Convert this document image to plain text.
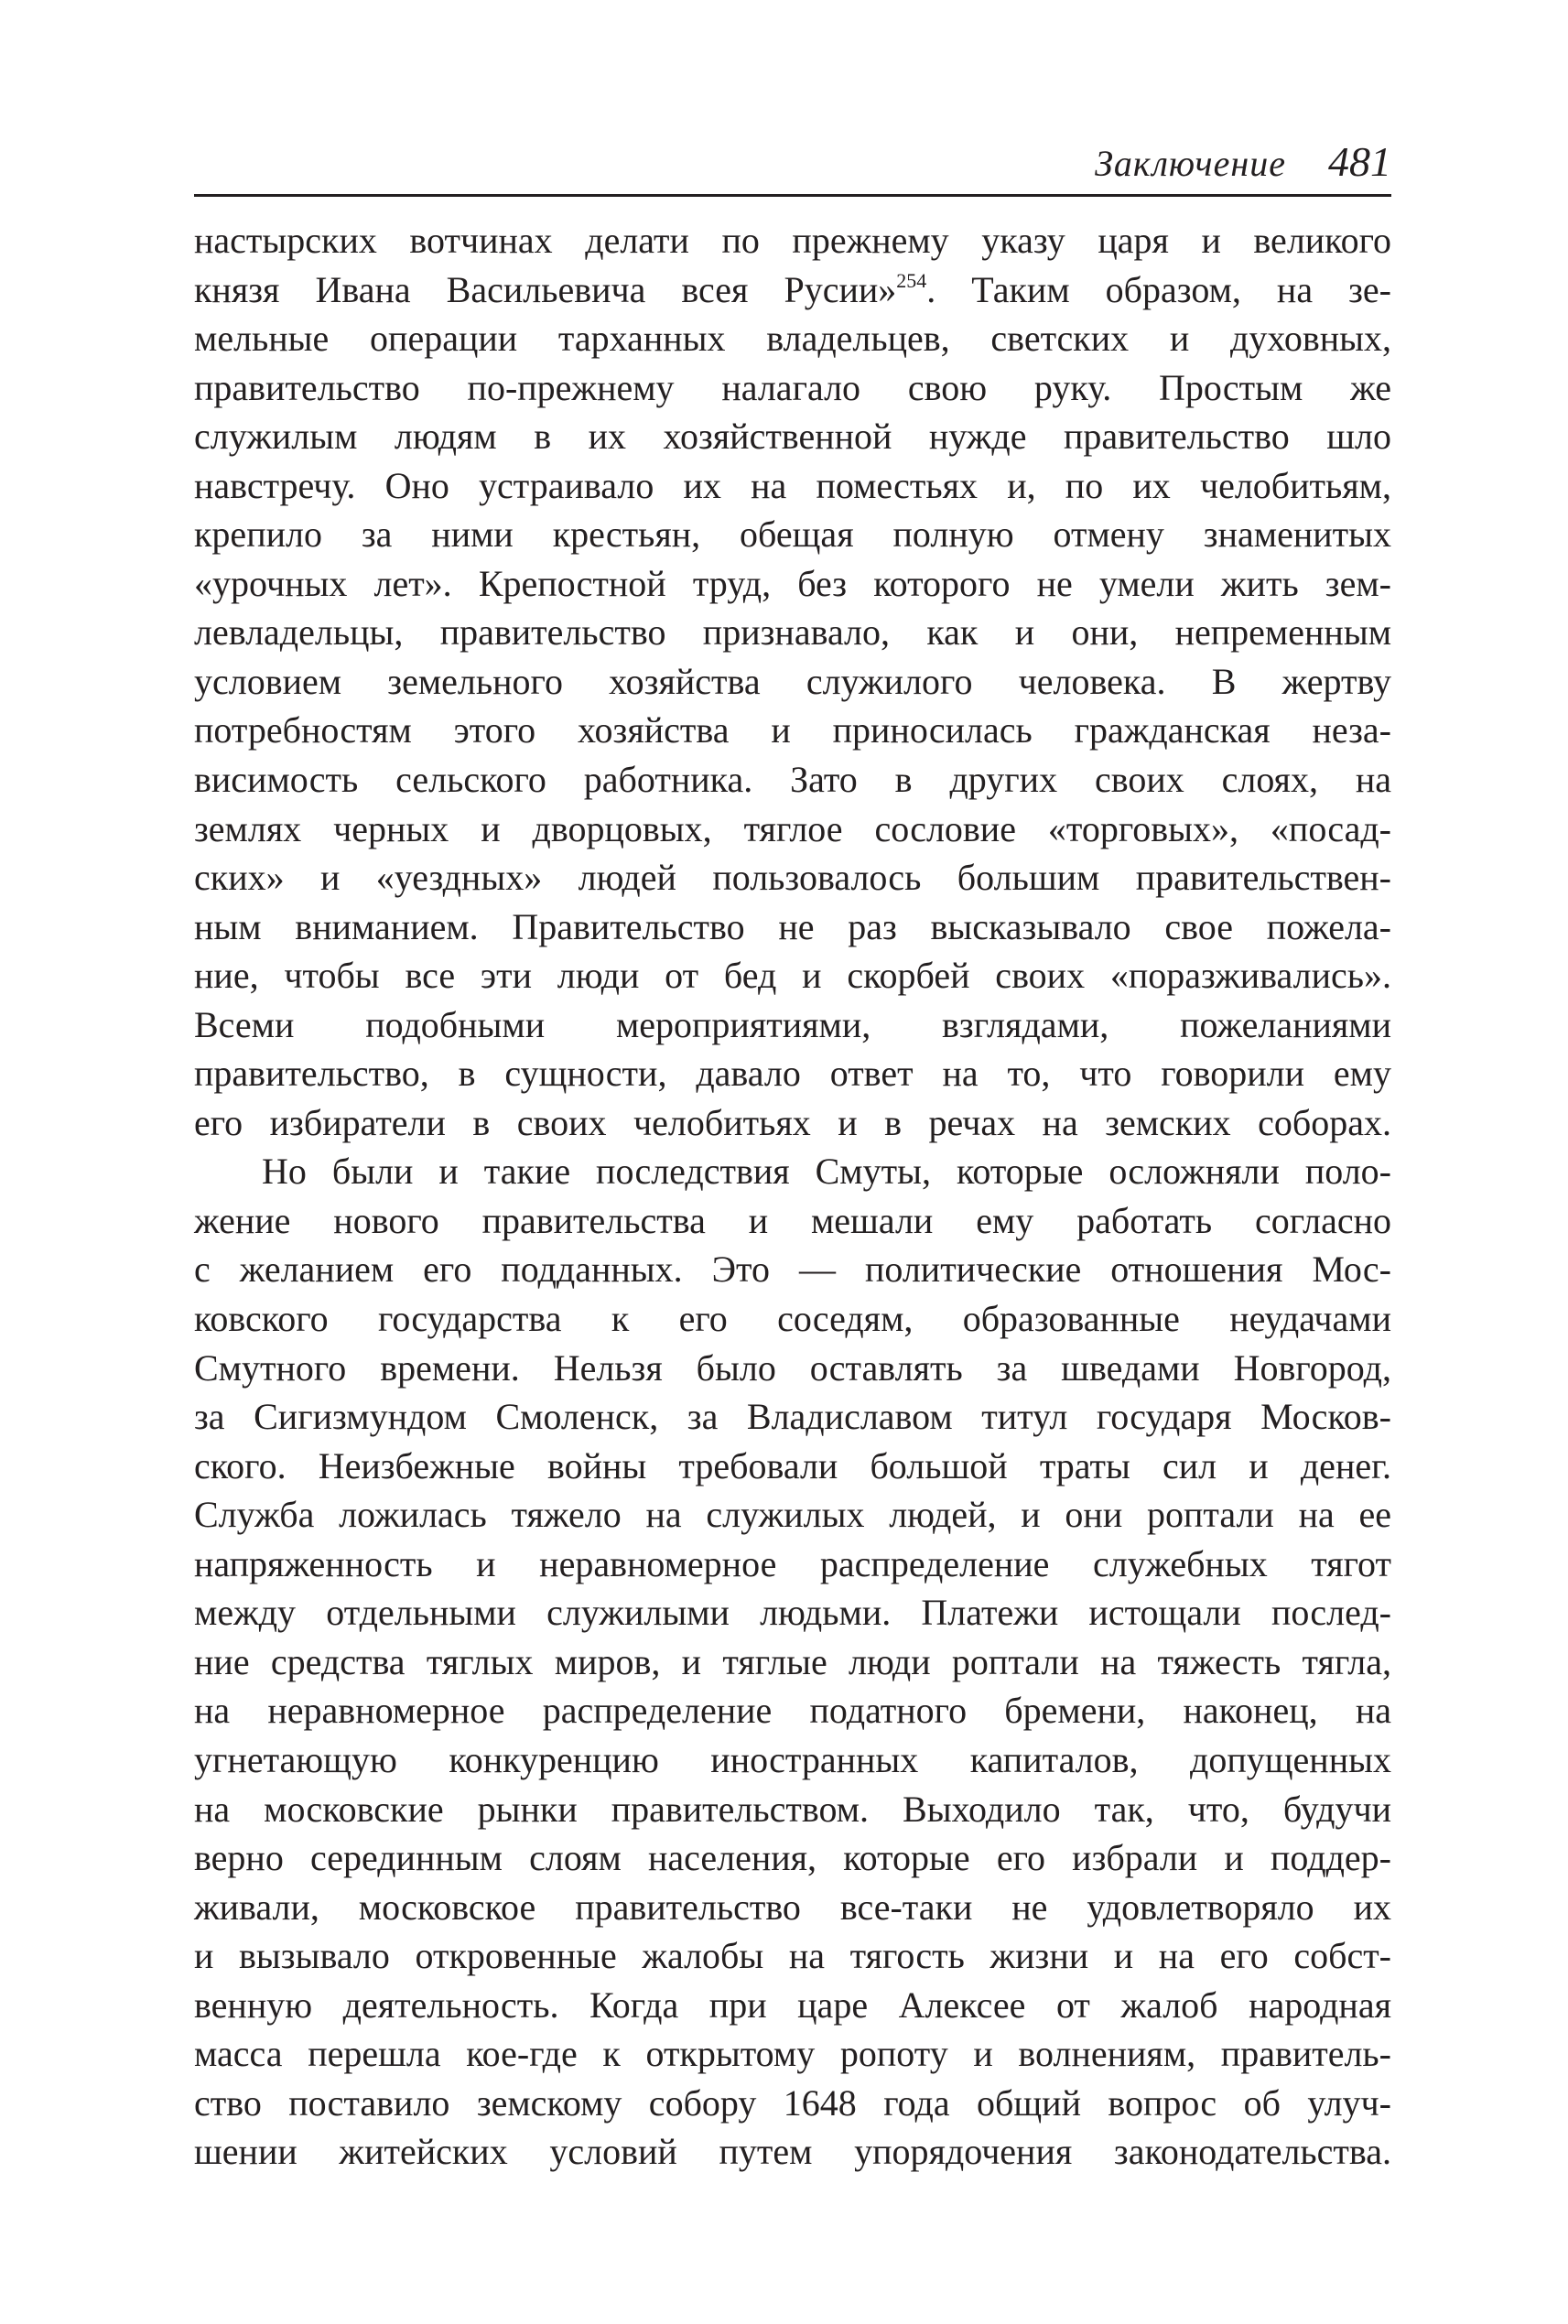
Заключение 481
настырских вотчинах делати по прежнему указу царя и великого
князя Ивана Васильевича всея Русии»$^{254}$. Таким образом, на зе-
мельные операции тарханных владельцев, светских и духовных,
правительство по-прежнему налагало свою руку. Простым же
служилым людям в их хозяйственной нужде правительство шло
навстречу. Оно устраивало их на поместьях и, по их челобитьям,
крепило за ними крестьян, обещая полную отмену знаменитых
«урочных лет». Крепостной труд, без которого не умели жить зем-
левладельцы, правительство признавало, как и они, непременным
условием земельного хозяйства служилого человека. В жертву
потребностям этого хозяйства и приносилась гражданская неза-
висимость сельского работника. Зато в других своих слоях, на
землях черных и дворцовых, тяглое сословие «торговых», «посад-
ских» и «уездных» людей пользовалось большим правительствен-
ным вниманием. Правительство не раз высказывало свое пожела-
ние, чтобы все эти люди от бед и скорбей своих «поразживались».
Всеми подобными мероприятиями, взглядами, пожеланиями
правительство, в сущности, давало ответ на то, что говорили ему
его избиратели в своих челобитьях и в речах на земских соборах.
Но были и такие последствия Смуты, которые осложняли поло-
жение нового правительства и мешали ему работать согласно
с желанием его подданных. Это — политические отношения Мос-
ковского государства к его соседям, образованные неудачами
Смутного времени. Нельзя было оставлять за шведами Новгород,
за Сигизмундом Смоленск, за Владиславом титул государя Москов-
ского. Неизбежные войны требовали большой траты сил и денег.
Служба ложилась тяжело на служилых людей, и они роптали на ее
напряженность и неравномерное распределение служебных тягот
между отдельными служилыми людьми. Платежи истощали послед-
ние средства тяглых миров, и тяглые люди роптали на тяжесть тягла,
на неравномерное распределение податного бремени, наконец, на
угнетающую конкуренцию иностранных капиталов, допущенных
на московские рынки правительством. Выходило так, что, будучи
верно серединным слоям населения, которые его избрали и поддер-
живали, московское правительство все-таки не удовлетворяло их
и вызывало откровенные жалобы на тягость жизни и на его собст-
венную деятельность. Когда при царе Алексее от жалоб народная
масса перешла кое-где к открытому ропоту и волнениям, правитель-
ство поставило земскому собору 1648 года общий вопрос об улуч-
шении житейских условий путем упорядочения законодательства.
